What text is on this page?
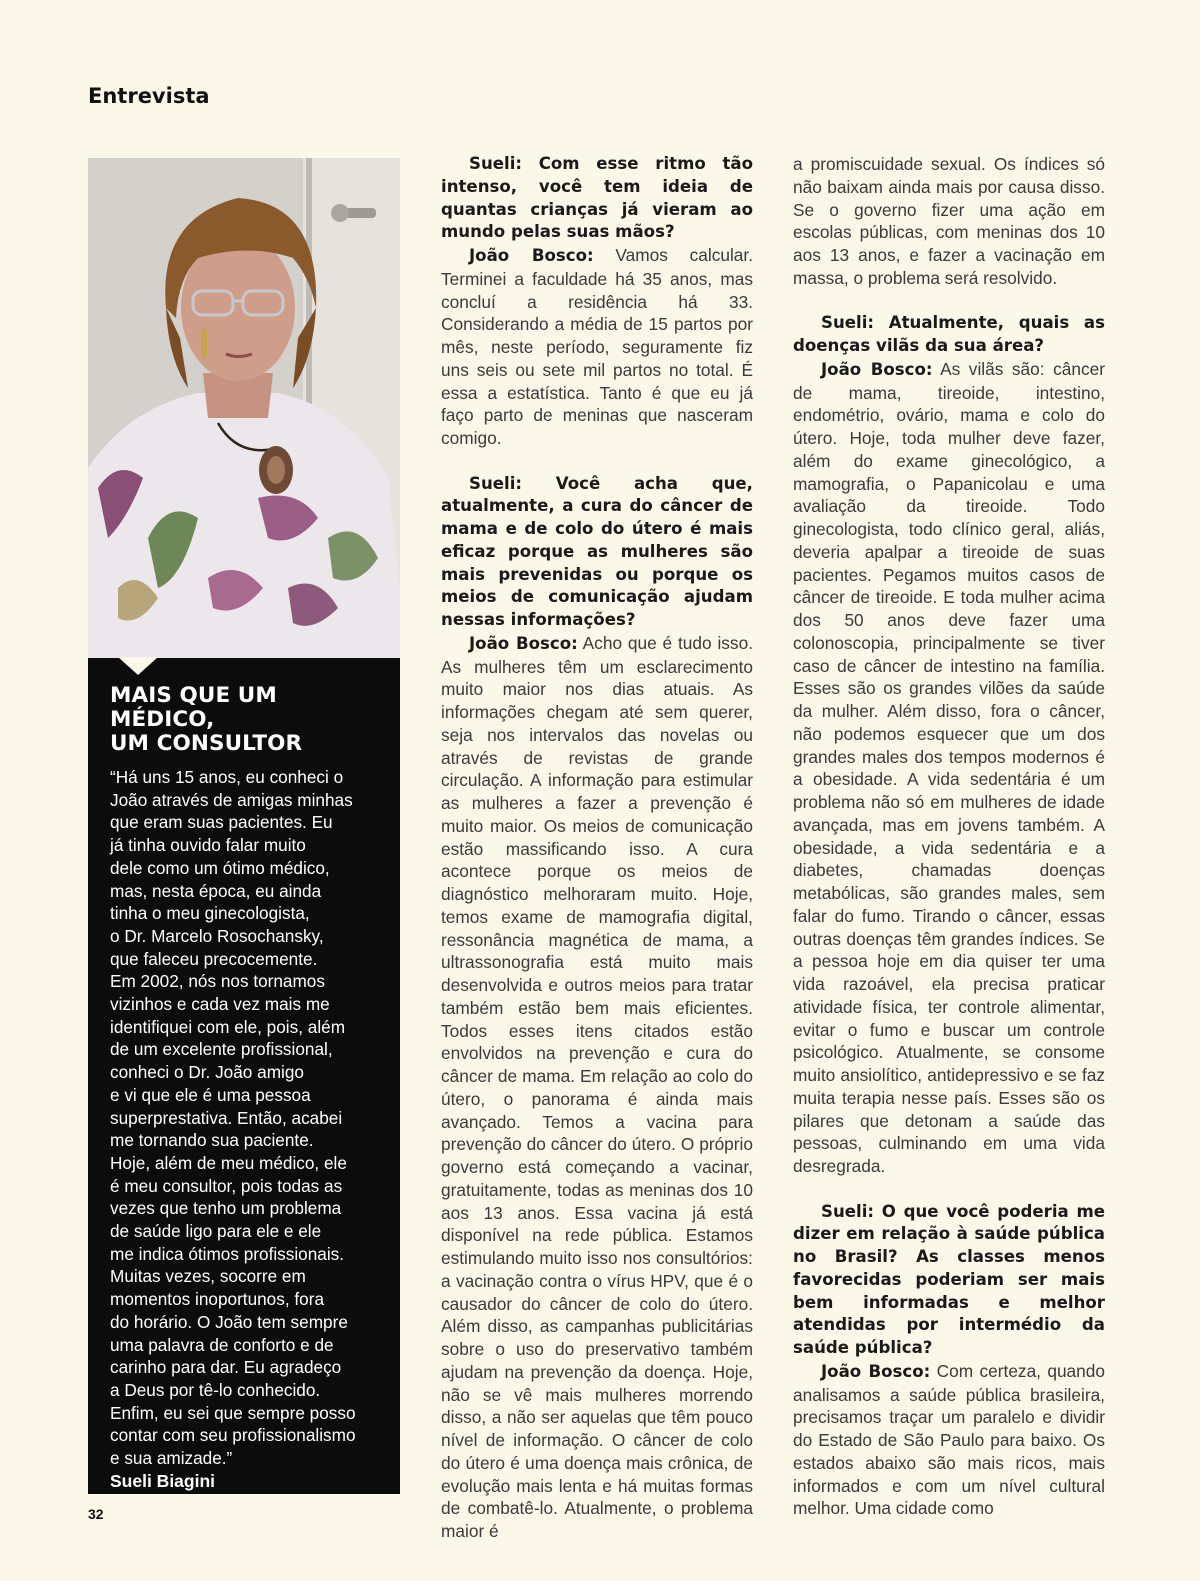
Entrevista
MAIS QUE UM MÉDICO,
UM CONSULTOR
“Há uns 15 anos, eu conheci o
João através de amigas minhas
que eram suas pacientes. Eu
já tinha ouvido falar muito
dele como um ótimo médico,
mas, nesta época, eu ainda
tinha o meu ginecologista,
o Dr. Marcelo Rosochansky,
que faleceu precocemente.
Em 2002, nós nos tornamos
vizinhos e cada vez mais me
identifiquei com ele, pois, além
de um excelente profissional,
conheci o Dr. João amigo
e vi que ele é uma pessoa
superprestativa. Então, acabei
me tornando sua paciente.
Hoje, além de meu médico, ele
é meu consultor, pois todas as
vezes que tenho um problema
de saúde ligo para ele e ele
me indica ótimos profissionais.
Muitas vezes, socorre em
momentos inoportunos, fora
do horário. O João tem sempre
uma palavra de conforto e de
carinho para dar. Eu agradeço
a Deus por tê-lo conhecido.
Enfim, eu sei que sempre posso
contar com seu profissionalismo
e sua amizade.”
Sueli Biagini

Sueli: Com esse ritmo tão intenso, você tem ideia de quantas crianças já vieram ao mundo pelas suas mãos?

João Bosco: Vamos calcular. Terminei a faculdade há 35 anos, mas concluí a residência há 33. Considerando a média de 15 partos por mês, neste período, seguramente fiz uns seis ou sete mil partos no total. É essa a estatística. Tanto é que eu já faço parto de meninas que nasceram comigo.

Sueli: Você acha que, atualmente, a cura do câncer de mama e de colo do útero é mais eficaz porque as mulheres são mais prevenidas ou porque os meios de comunicação ajudam nessas informações?

João Bosco: Acho que é tudo isso. As mulheres têm um esclarecimento muito maior nos dias atuais. As informações chegam até sem querer, seja nos intervalos das novelas ou através de revistas de grande circulação. A informação para estimular as mulheres a fazer a prevenção é muito maior. Os meios de comunicação estão massificando isso. A cura acontece porque os meios de diagnóstico melhoraram muito. Hoje, temos exame de mamografia digital, ressonância magnética de mama, a ultrassonografia está muito mais desenvolvida e outros meios para tratar também estão bem mais eficientes. Todos esses itens citados estão envolvidos na prevenção e cura do câncer de mama. Em relação ao colo do útero, o panorama é ainda mais avançado. Temos a vacina para prevenção do câncer do útero. O próprio governo está começando a vacinar, gratuitamente, todas as meninas dos 10 aos 13 anos. Essa vacina já está disponível na rede pública. Estamos estimulando muito isso nos consultórios: a vacinação contra o vírus HPV, que é o causador do câncer de colo do útero. Além disso, as campanhas publicitárias sobre o uso do preservativo também ajudam na prevenção da doença. Hoje, não se vê mais mulheres morrendo disso, a não ser aquelas que têm pouco nível de informação. O câncer de colo do útero é uma doença mais crônica, de evolução mais lenta e há muitas formas de combatê-lo. Atualmente, o problema maior é

a promiscuidade sexual. Os índices só não baixam ainda mais por causa disso. Se o governo fizer uma ação em escolas públicas, com meninas dos 10 aos 13 anos, e fazer a vacinação em massa, o problema será resolvido.

Sueli: Atualmente, quais as doenças vilãs da sua área?

João Bosco: As vilãs são: câncer de mama, tireoide, intestino, endométrio, ovário, mama e colo do útero. Hoje, toda mulher deve fazer, além do exame ginecológico, a mamografia, o Papanicolau e uma avaliação da tireoide. Todo ginecologista, todo clínico geral, aliás, deveria apalpar a tireoide de suas pacientes. Pegamos muitos casos de câncer de tireoide. E toda mulher acima dos 50 anos deve fazer uma colonoscopia, principalmente se tiver caso de câncer de intestino na família. Esses são os grandes vilões da saúde da mulher. Além disso, fora o câncer, não podemos esquecer que um dos grandes males dos tempos modernos é a obesidade. A vida sedentária é um problema não só em mulheres de idade avançada, mas em jovens também. A obesidade, a vida sedentária e a diabetes, chamadas doenças metabólicas, são grandes males, sem falar do fumo. Tirando o câncer, essas outras doenças têm grandes índices. Se a pessoa hoje em dia quiser ter uma vida razoável, ela precisa praticar atividade física, ter controle alimentar, evitar o fumo e buscar um controle psicológico. Atualmente, se consome muito ansiolítico, antidepressivo e se faz muita terapia nesse país. Esses são os pilares que detonam a saúde das pessoas, culminando em uma vida desregrada.

Sueli: O que você poderia me dizer em relação à saúde pública no Brasil? As classes menos favorecidas poderiam ser mais bem informadas e melhor atendidas por intermédio da saúde pública?

João Bosco: Com certeza, quando analisamos a saúde pública brasileira, precisamos traçar um paralelo e dividir do Estado de São Paulo para baixo. Os estados abaixo são mais ricos, mais informados e com um nível cultural melhor. Uma cidade como

32
